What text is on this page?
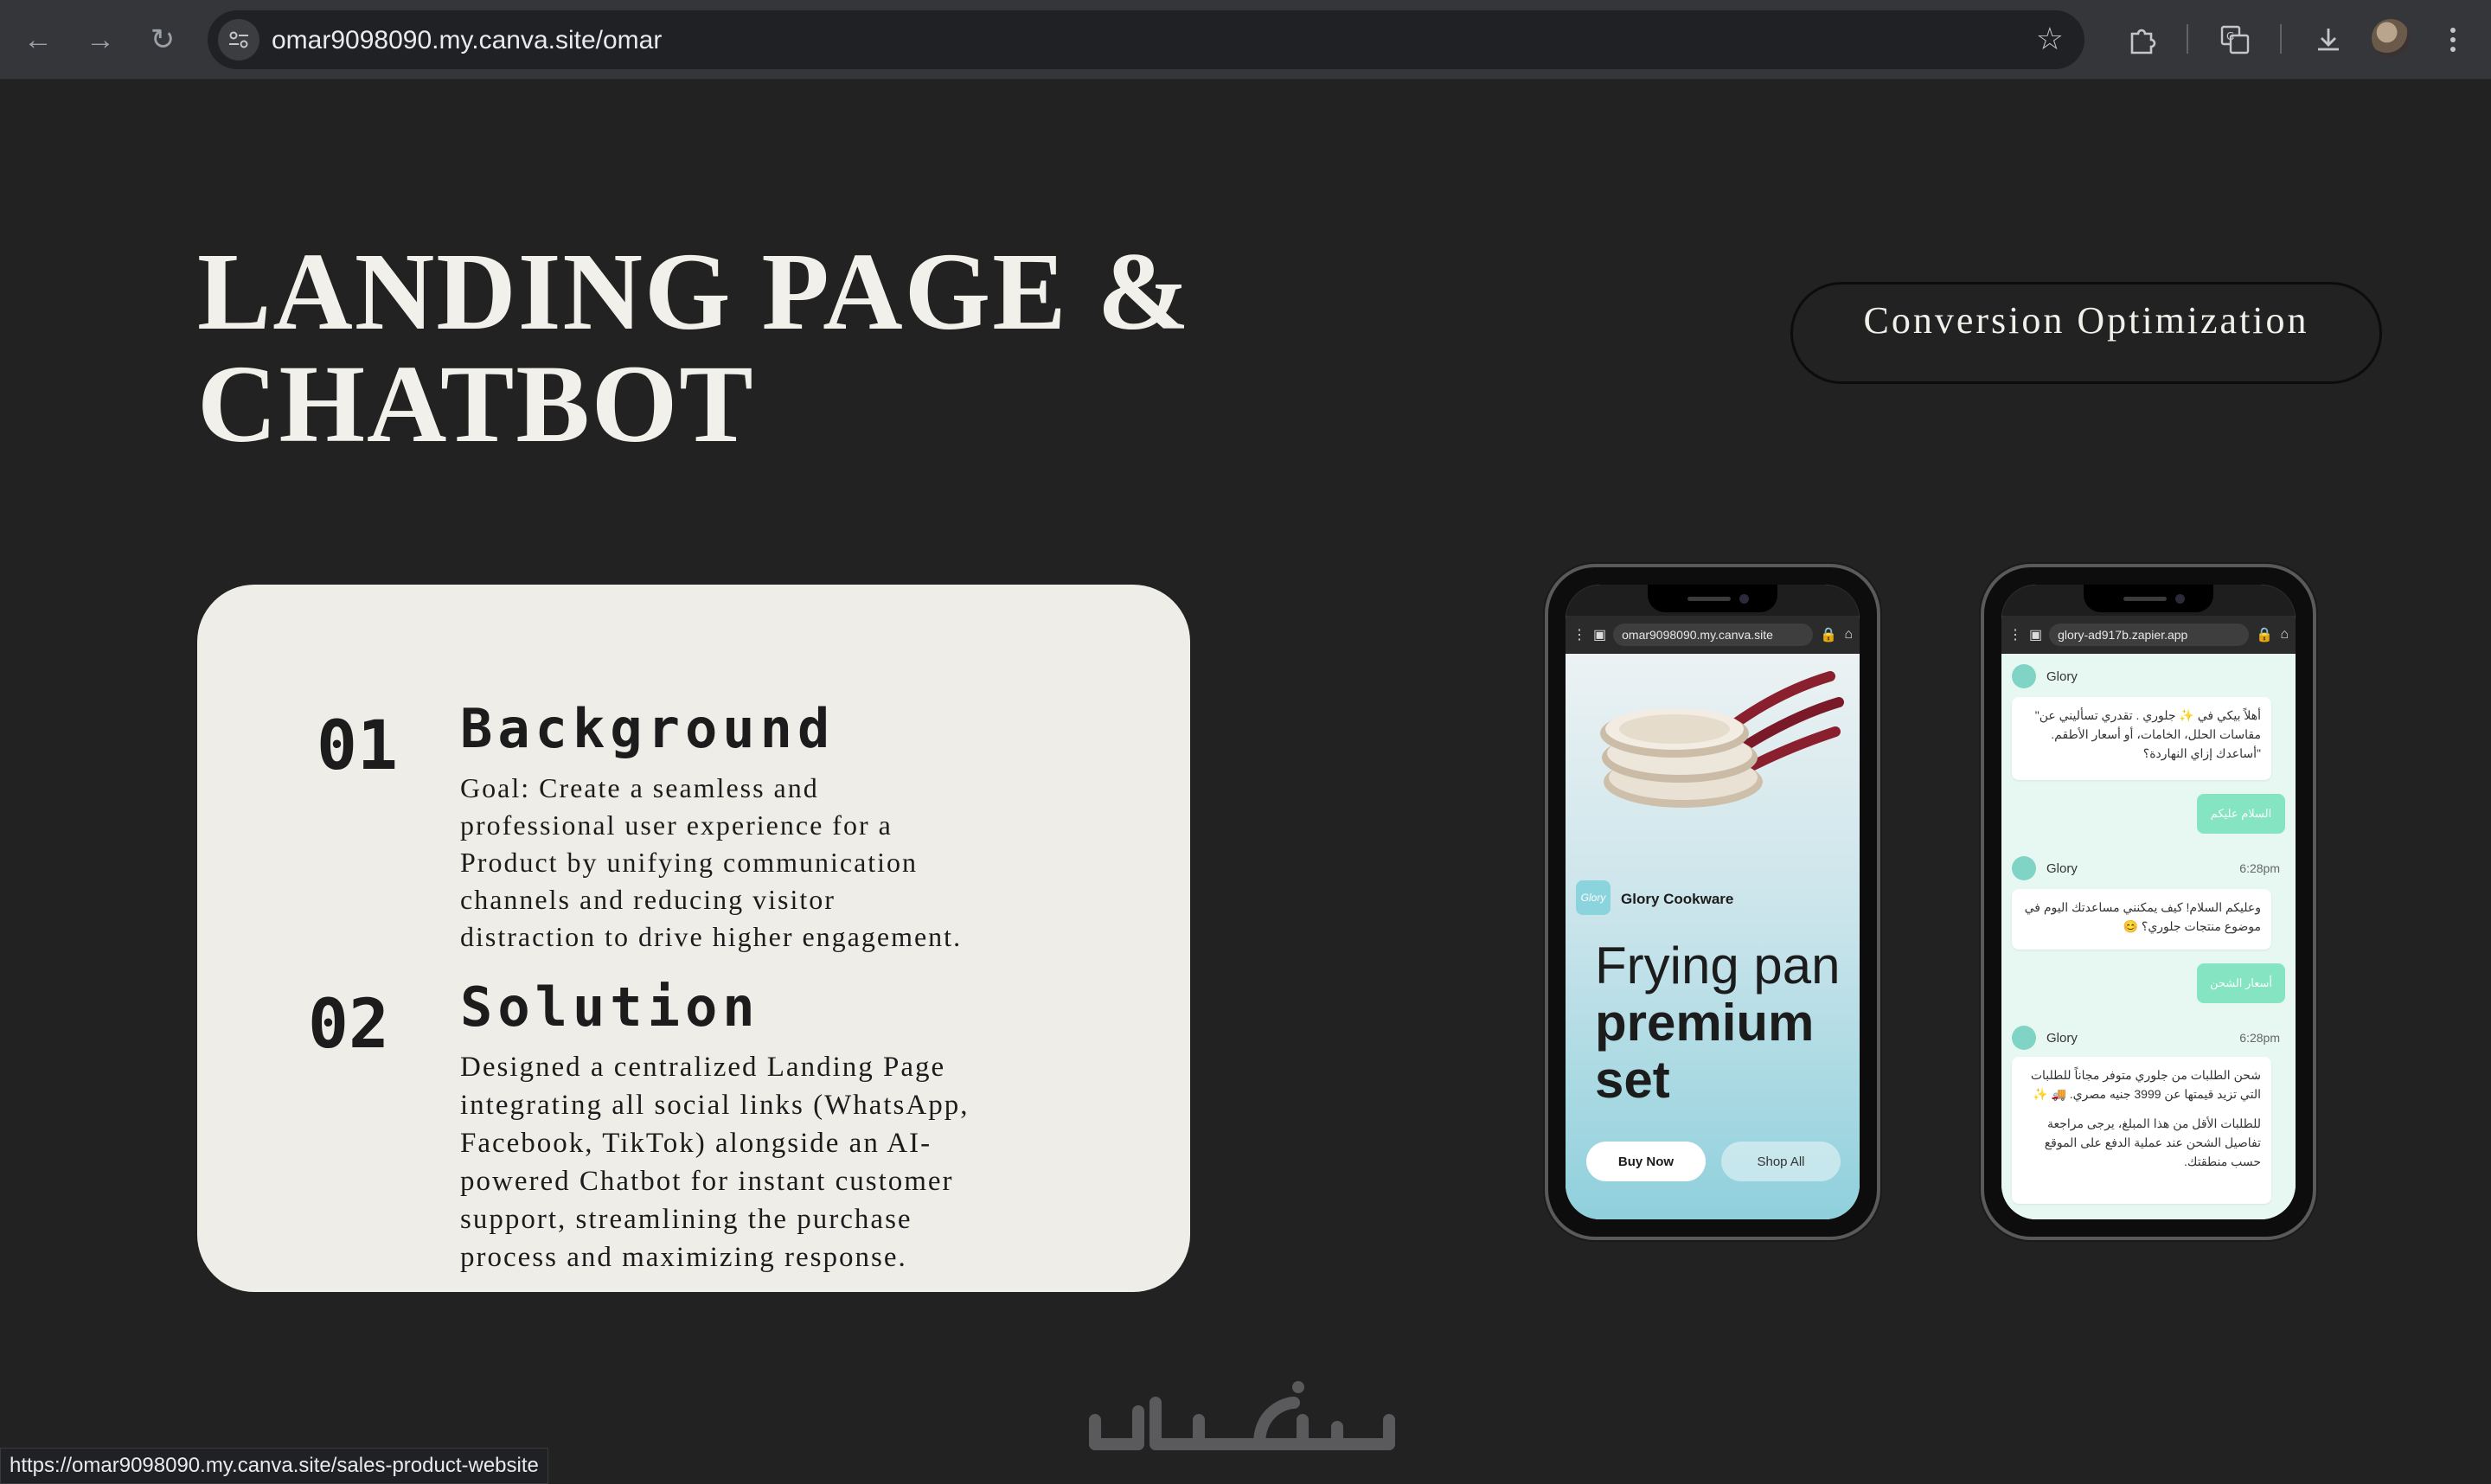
← → ↻	omar9098090.my.canva.site/omar	☆	G
LANDING PAGE &
CHATBOT
Conversion Optimization
01 Background
Goal: Create a seamless and
professional user experience for a
Product by unifying communication
channels and reducing visitor
distraction to drive higher engagement.
02 Solution
Designed a centralized Landing Page
integrating all social links (WhatsApp,
Facebook, TikTok) alongside an AI-
powered Chatbot for instant customer
support, streamlining the purchase
process and maximizing response.
⋮ ▣	omar9098090.my.canva.site	🔒 ⌂
Glory	Glory Cookware
Frying pan
premium
set
Buy Now	Shop All
⋮ ▣	glory-ad917b.zapier.app	🔒 ⌂
Glory
أهلاً بيكي في ✨ جلوري . تقدري تسأليني عن" مقاسات الحلل، الخامات، أو أسعار الأطقم. "أساعدك إزاي النهاردة؟
السلام عليكم
Glory	6:28pm
وعليكم السلام! كيف يمكنني مساعدتك اليوم في موضوع منتجات جلوري؟ 😊
أسعار الشحن
Glory	6:28pm
شحن الطلبات من جلوري متوفر مجاناً للطلبات التي تزيد قيمتها عن 3999 جنيه مصري. 🚚 ✨
للطلبات الأقل من هذا المبلغ، يرجى مراجعة تفاصيل الشحن عند عملية الدفع على الموقع حسب منطقتك.
https://omar9098090.my.canva.site/sales-product-website
